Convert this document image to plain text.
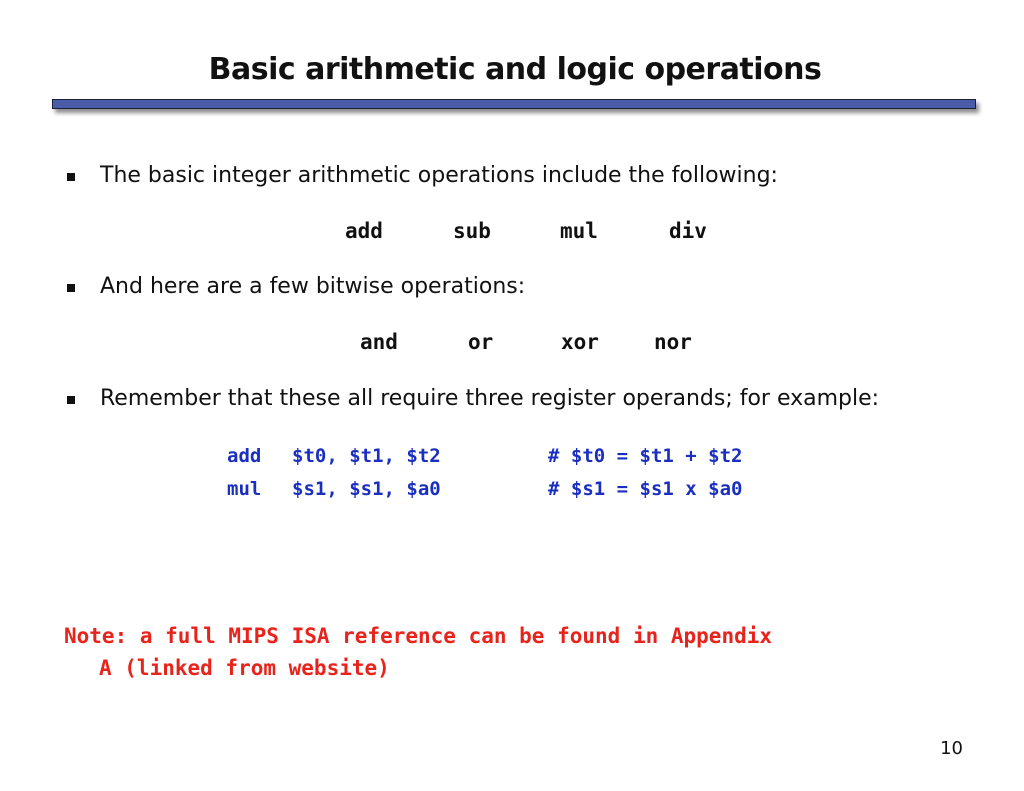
Basic arithmetic and logic operations
The basic integer arithmetic operations include the following:
add	sub	mul	div
And here are a few bitwise operations:
and	or	xor	nor
Remember that these all require three register operands; for example:
add $t0, $t1, $t2	# $t0 = $t1 + $t2
mul $s1, $s1, $a0	# $s1 = $s1 x $a0
Note: a full MIPS ISA reference can be found in Appendix
A (linked from website)
10
